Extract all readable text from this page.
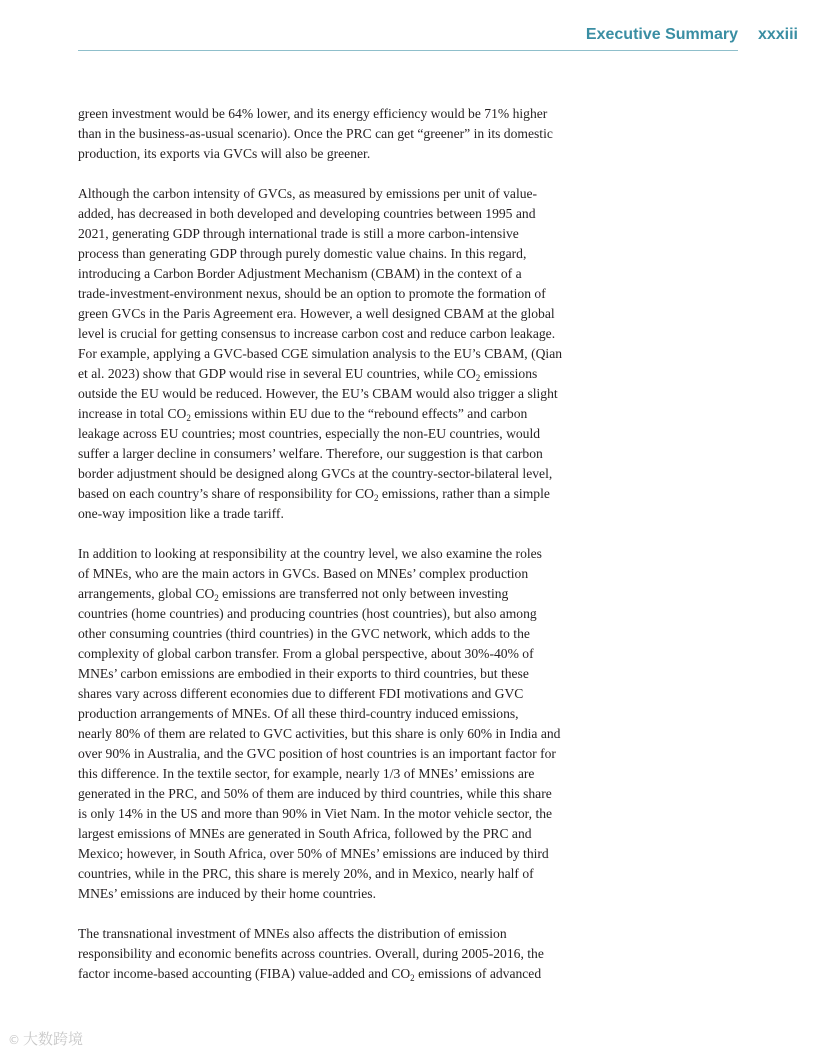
Executive Summary xxxiii

green investment would be 64% lower, and its energy efficiency would be 71% higher
than in the business-as-usual scenario). Once the PRC can get “greener” in its domestic
production, its exports via GVCs will also be greener.

Although the carbon intensity of GVCs, as measured by emissions per unit of value-
added, has decreased in both developed and developing countries between 1995 and
2021, generating GDP through international trade is still a more carbon-intensive
process than generating GDP through purely domestic value chains. In this regard,
introducing a Carbon Border Adjustment Mechanism (CBAM) in the context of a
trade-investment-environment nexus, should be an option to promote the formation of
green GVCs in the Paris Agreement era. However, a well designed CBAM at the global
level is crucial for getting consensus to increase carbon cost and reduce carbon leakage.
For example, applying a GVC-based CGE simulation analysis to the EU’s CBAM, (Qian
et al. 2023) show that GDP would rise in several EU countries, while $CO_2$ emissions
outside the EU would be reduced. However, the EU’s CBAM would also trigger a slight
increase in total $CO_2$ emissions within EU due to the “rebound effects” and carbon
leakage across EU countries; most countries, especially the non-EU countries, would
suffer a larger decline in consumers’ welfare. Therefore, our suggestion is that carbon
border adjustment should be designed along GVCs at the country-sector-bilateral level,
based on each country’s share of responsibility for $CO_2$ emissions, rather than a simple
one-way imposition like a trade tariff.

In addition to looking at responsibility at the country level, we also examine the roles
of MNEs, who are the main actors in GVCs. Based on MNEs’ complex production
arrangements, global $CO_2$ emissions are transferred not only between investing
countries (home countries) and producing countries (host countries), but also among
other consuming countries (third countries) in the GVC network, which adds to the
complexity of global carbon transfer. From a global perspective, about 30%-40% of
MNEs’ carbon emissions are embodied in their exports to third countries, but these
shares vary across different economies due to different FDI motivations and GVC
production arrangements of MNEs. Of all these third-country induced emissions,
nearly 80% of them are related to GVC activities, but this share is only 60% in India and
over 90% in Australia, and the GVC position of host countries is an important factor for
this difference. In the textile sector, for example, nearly 1/3 of MNEs’ emissions are
generated in the PRC, and 50% of them are induced by third countries, while this share
is only 14% in the US and more than 90% in Viet Nam. In the motor vehicle sector, the
largest emissions of MNEs are generated in South Africa, followed by the PRC and
Mexico; however, in South Africa, over 50% of MNEs’ emissions are induced by third
countries, while in the PRC, this share is merely 20%, and in Mexico, nearly half of
MNEs’ emissions are induced by their home countries.

The transnational investment of MNEs also affects the distribution of emission
responsibility and economic benefits across countries. Overall, during 2005-2016, the
factor income-based accounting (FIBA) value-added and $CO_2$ emissions of advanced

© 大数跨境
